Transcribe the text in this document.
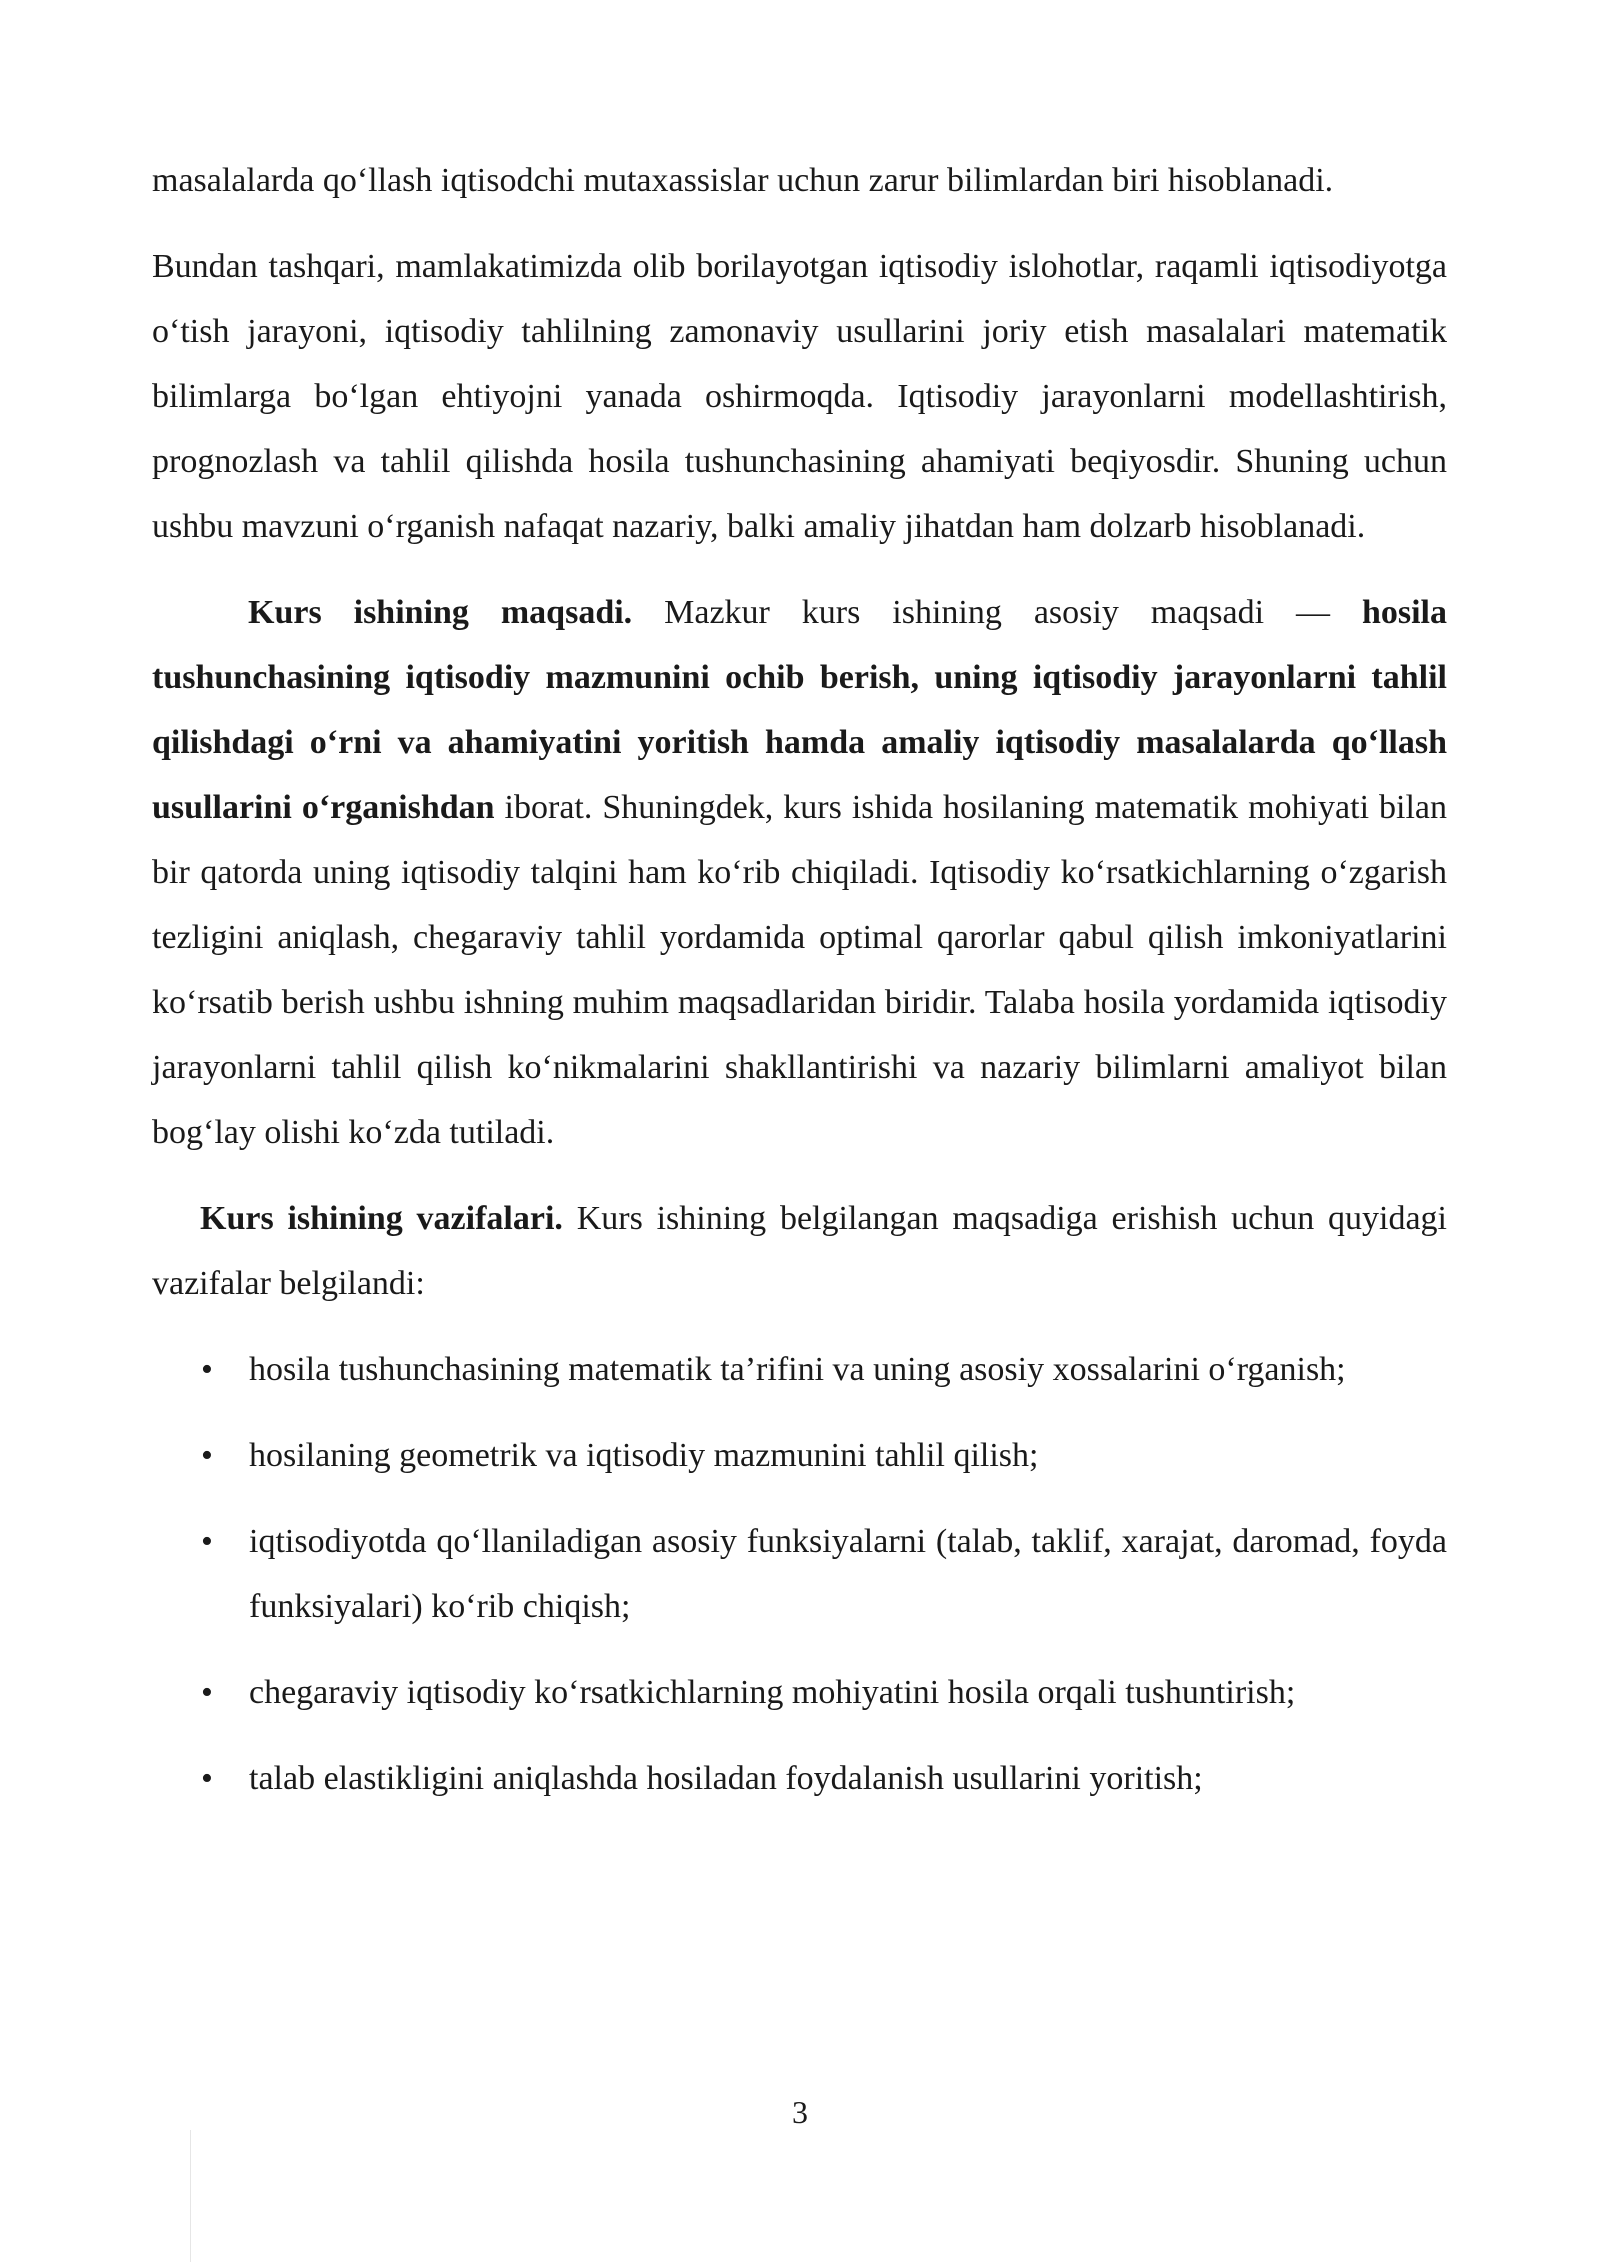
masalalarda qo‘llash iqtisodchi mutaxassislar uchun zarur bilimlardan biri hisoblanadi.

Bundan tashqari, mamlakatimizda olib borilayotgan iqtisodiy islohotlar, raqamli iqtisodiyotga o‘tish jarayoni, iqtisodiy tahlilning zamonaviy usullarini joriy etish masalalari matematik bilimlarga bo‘lgan ehtiyojni yanada oshirmoqda. Iqtisodiy jarayonlarni modellashtirish, prognozlash va tahlil qilishda hosila tushunchasining ahamiyati beqiyosdir. Shuning uchun ushbu mavzuni o‘rganish nafaqat nazariy, balki amaliy jihatdan ham dolzarb hisoblanadi.

Kurs ishining maqsadi. Mazkur kurs ishining asosiy maqsadi — hosila tushunchasining iqtisodiy mazmunini ochib berish, uning iqtisodiy jarayonlarni tahlil qilishdagi o‘rni va ahamiyatini yoritish hamda amaliy iqtisodiy masalalarda qo‘llash usullarini o‘rganishdan iborat. Shuningdek, kurs ishida hosilaning matematik mohiyati bilan bir qatorda uning iqtisodiy talqini ham ko‘rib chiqiladi. Iqtisodiy ko‘rsatkichlarning o‘zgarish tezligini aniqlash, chegaraviy tahlil yordamida optimal qarorlar qabul qilish imkoniyatlarini ko‘rsatib berish ushbu ishning muhim maqsadlaridan biridir. Talaba hosila yordamida iqtisodiy jarayonlarni tahlil qilish ko‘nikmalarini shakllantirishi va nazariy bilimlarni amaliyot bilan bog‘lay olishi ko‘zda tutiladi.

Kurs ishining vazifalari. Kurs ishining belgilangan maqsadiga erishish uchun quyidagi vazifalar belgilandi:

• hosila tushunchasining matematik ta’rifini va uning asosiy xossalarini o‘rganish;
• hosilaning geometrik va iqtisodiy mazmunini tahlil qilish;
• iqtisodiyotda qo‘llaniladigan asosiy funksiyalarni (talab, taklif, xarajat, daromad, foyda funksiyalari) ko‘rib chiqish;
• chegaraviy iqtisodiy ko‘rsatkichlarning mohiyatini hosila orqali tushuntirish;
• talab elastikligini aniqlashda hosiladan foydalanish usullarini yoritish;
3
